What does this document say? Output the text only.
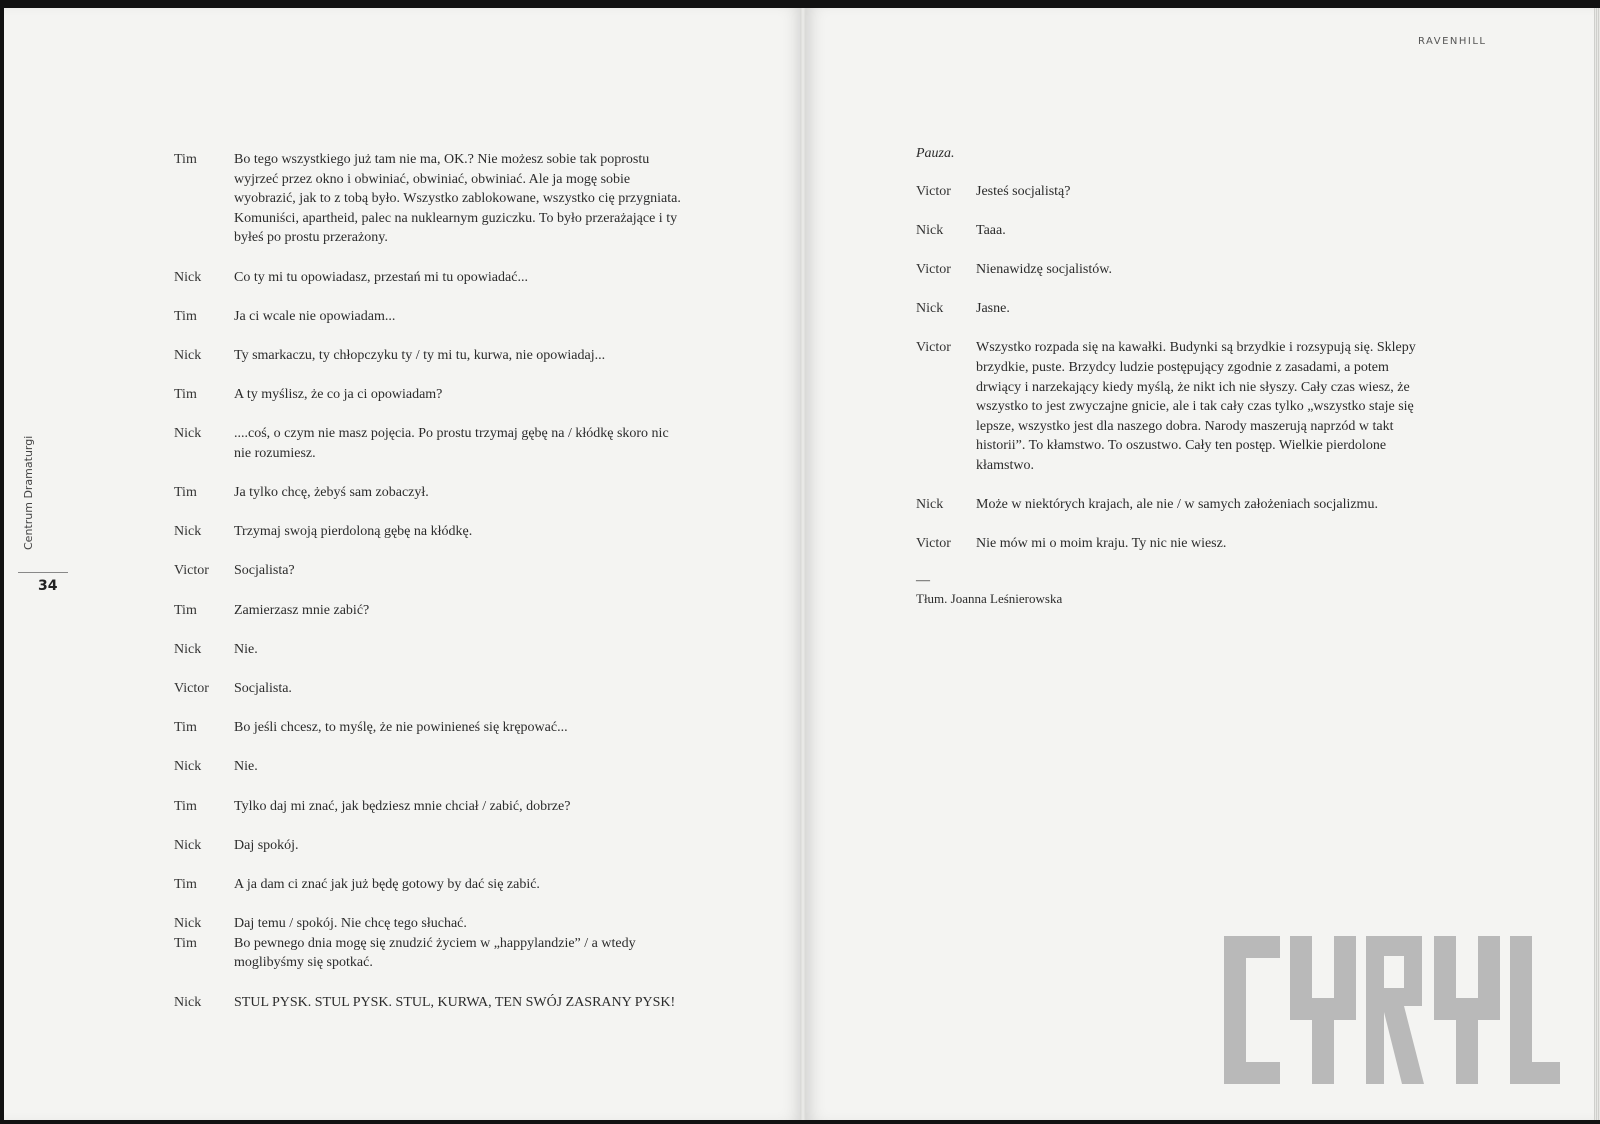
RAVENHILL
Centrum Dramaturgi
34
Tim	Bo tego wszystkiego już tam nie ma, OK.? Nie możesz sobie tak poprostu wyjrzeć przez okno i obwiniać, obwiniać, obwiniać. Ale ja mogę sobie wyobrazić, jak to z tobą było. Wszystko zablokowane, wszystko cię przygniata. Komuniści, apartheid, palec na nuklearnym guziczku. To było przerażające i ty byłeś po prostu przerażony.
Nick	Co ty mi tu opowiadasz, przestań mi tu opowiadać...
Tim	Ja ci wcale nie opowiadam...
Nick	Ty smarkaczu, ty chłopczyku ty / ty mi tu, kurwa, nie opowiadaj...
Tim	A ty myślisz, że co ja ci opowiadam?
Nick	....coś, o czym nie masz pojęcia. Po prostu trzymaj gębę na / kłódkę skoro nic nie rozumiesz.
Tim	Ja tylko chcę, żebyś sam zobaczył.
Nick	Trzymaj swoją pierdoloną gębę na kłódkę.
Victor	Socjalista?
Tim	Zamierzasz mnie zabić?
Nick	Nie.
Victor	Socjalista.
Tim	Bo jeśli chcesz, to myślę, że nie powinieneś się krępować...
Nick	Nie.
Tim	Tylko daj mi znać, jak będziesz mnie chciał / zabić, dobrze?
Nick	Daj spokój.
Tim	A ja dam ci znać jak już będę gotowy by dać się zabić.
Nick	Daj temu / spokój. Nie chcę tego słuchać.
Tim	Bo pewnego dnia mogę się znudzić życiem w „happylandzie” / a wtedy moglibyśmy się spotkać.
Nick	STUL PYSK. STUL PYSK. STUL, KURWA, TEN SWÓJ ZASRANY PYSK!
Pauza.
Victor	Jesteś socjalistą?
Nick	Taaa.
Victor	Nienawidzę socjalistów.
Nick	Jasne.
Victor	Wszystko rozpada się na kawałki. Budynki są brzydkie i rozsypują się. Sklepy brzydkie, puste. Brzydcy ludzie postępujący zgodnie z zasadami, a potem drwiący i narzekający kiedy myślą, że nikt ich nie słyszy. Cały czas wiesz, że wszystko to jest zwyczajne gnicie, ale i tak cały czas tylko „wszystko staje się lepsze, wszystko jest dla naszego dobra. Narody maszerują naprzód w takt historii”. To kłamstwo. To oszustwo. Cały ten postęp. Wielkie pierdolone kłamstwo.
Nick	Może w niektórych krajach, ale nie / w samych założeniach socjalizmu.
Victor	Nie mów mi o moim kraju. Ty nic nie wiesz.
—
Tłum. Joanna Leśnierowska
